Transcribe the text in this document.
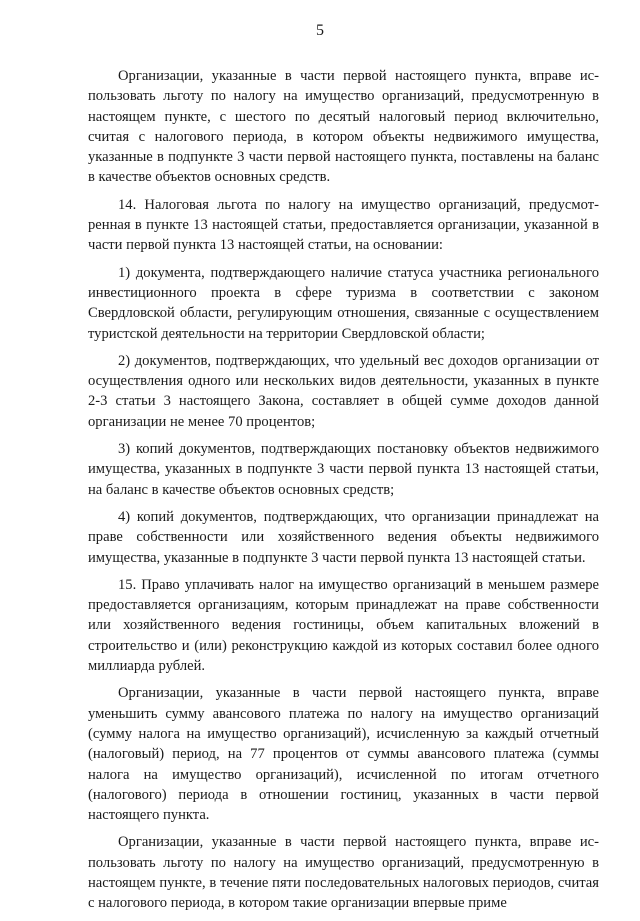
5

Организации, указанные в части первой настоящего пункта, вправе использовать льготу по налогу на имущество организаций, предусмотренную в настоящем пункте, с шестого по десятый налоговый период включительно, считая с налогового периода, в котором объекты недвижимого имущества, указанные в подпункте 3 части первой настоящего пункта, поставлены на баланс в качестве объектов основных средств.

14. Налоговая льгота по налогу на имущество организаций, предусмотренная в пункте 13 настоящей статьи, предоставляется организации, указанной в части первой пункта 13 настоящей статьи, на основании:

1) документа, подтверждающего наличие статуса участника регионального инвестиционного проекта в сфере туризма в соответствии с законом Свердловской области, регулирующим отношения, связанные с осуществлением туристской деятельности на территории Свердловской области;

2) документов, подтверждающих, что удельный вес доходов организации от осуществления одного или нескольких видов деятельности, указанных в пункте 2-3 статьи 3 настоящего Закона, составляет в общей сумме доходов данной организации не менее 70 процентов;

3) копий документов, подтверждающих постановку объектов недвижимого имущества, указанных в подпункте 3 части первой пункта 13 настоящей статьи, на баланс в качестве объектов основных средств;

4) копий документов, подтверждающих, что организации принадлежат на праве собственности или хозяйственного ведения объекты недвижимого имущества, указанные в подпункте 3 части первой пункта 13 настоящей статьи.

15. Право уплачивать налог на имущество организаций в меньшем размере предоставляется организациям, которым принадлежат на праве собственности или хозяйственного ведения гостиницы, объем капитальных вложений в строительство и (или) реконструкцию каждой из которых составил более одного миллиарда рублей.

Организации, указанные в части первой настоящего пункта, вправе уменьшить сумму авансового платежа по налогу на имущество организаций (сумму налога на имущество организаций), исчисленную за каждый отчетный (налоговый) период, на 77 процентов от суммы авансового платежа (суммы налога на имущество организаций), исчисленной по итогам отчетного (налогового) периода в отношении гостиниц, указанных в части первой настоящего пункта.

Организации, указанные в части первой настоящего пункта, вправе использовать льготу по налогу на имущество организаций, предусмотренную в настоящем пункте, в течение пяти последовательных налоговых периодов, считая с налогового периода, в котором такие организации впервые приме
